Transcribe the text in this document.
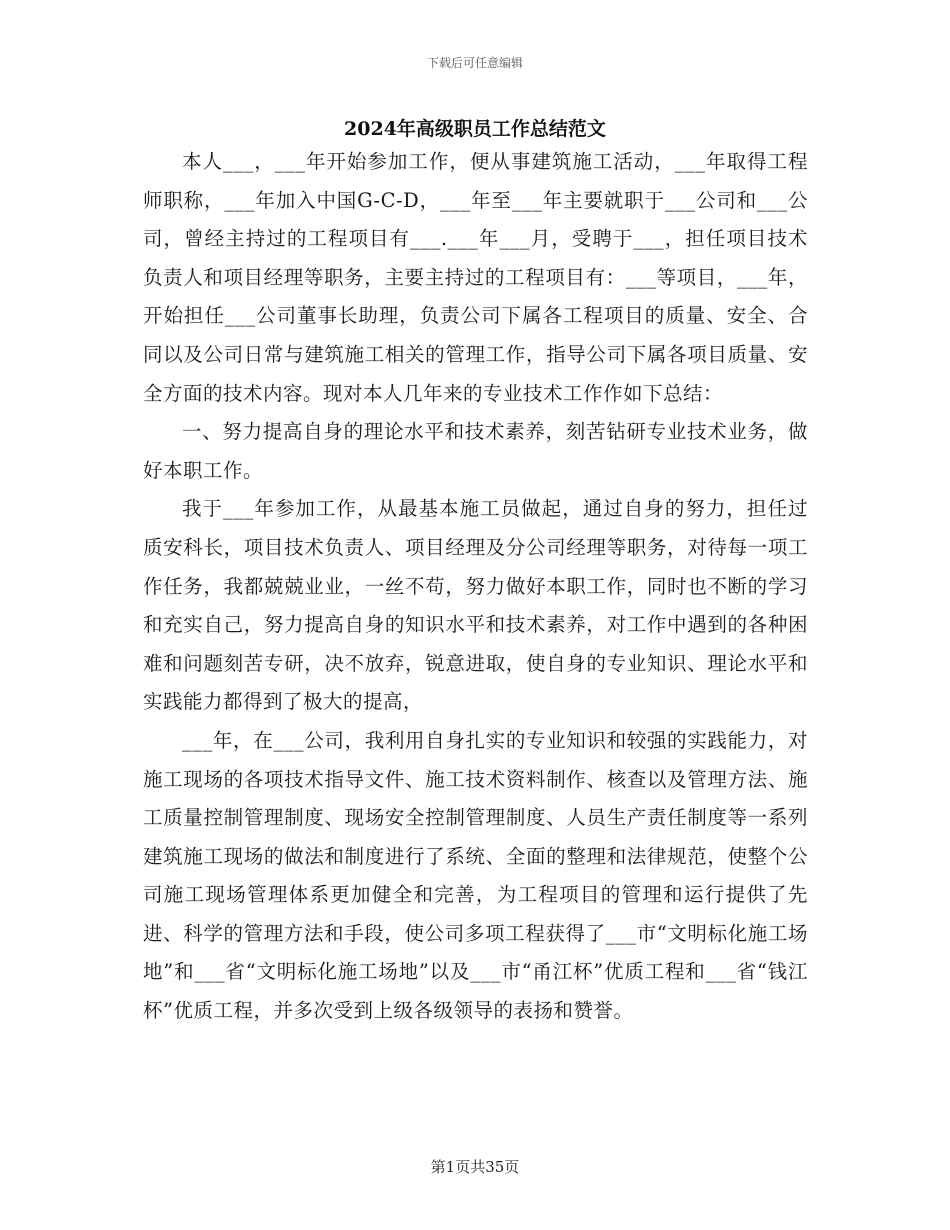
下载后可任意编辑
2024年高级职员工作总结范文

本人___，___年开始参加工作，便从事建筑施工活动，___年取得工程师职称，___年加入中国G-C-D，___年至___年主要就职于___公司和___公司，曾经主持过的工程项目有___.___年___月，受聘于___，担任项目技术负责人和项目经理等职务，主要主持过的工程项目有：___等项目，___年，开始担任___公司董事长助理，负责公司下属各工程项目的质量、安全、合同以及公司日常与建筑施工相关的管理工作，指导公司下属各项目质量、安全方面的技术内容。现对本人几年来的专业技术工作作如下总结：

一、努力提高自身的理论水平和技术素养，刻苦钻研专业技术业务，做好本职工作。

我于___年参加工作，从最基本施工员做起，通过自身的努力，担任过质安科长，项目技术负责人、项目经理及分公司经理等职务，对待每一项工作任务，我都兢兢业业，一丝不苟，努力做好本职工作，同时也不断的学习和充实自己，努力提高自身的知识水平和技术素养，对工作中遇到的各种困难和问题刻苦专研，决不放弃，锐意进取，使自身的专业知识、理论水平和实践能力都得到了极大的提高，

___年，在___公司，我利用自身扎实的专业知识和较强的实践能力，对施工现场的各项技术指导文件、施工技术资料制作、核查以及管理方法、施工质量控制管理制度、现场安全控制管理制度、人员生产责任制度等一系列建筑施工现场的做法和制度进行了系统、全面的整理和法律规范，使整个公司施工现场管理体系更加健全和完善，为工程项目的管理和运行提供了先进、科学的管理方法和手段，使公司多项工程获得了___市“文明标化施工场地”和___省“文明标化施工场地”以及___市“甬江杯”优质工程和___省“钱江杯”优质工程，并多次受到上级各级领导的表扬和赞誉。

第1页共35页
